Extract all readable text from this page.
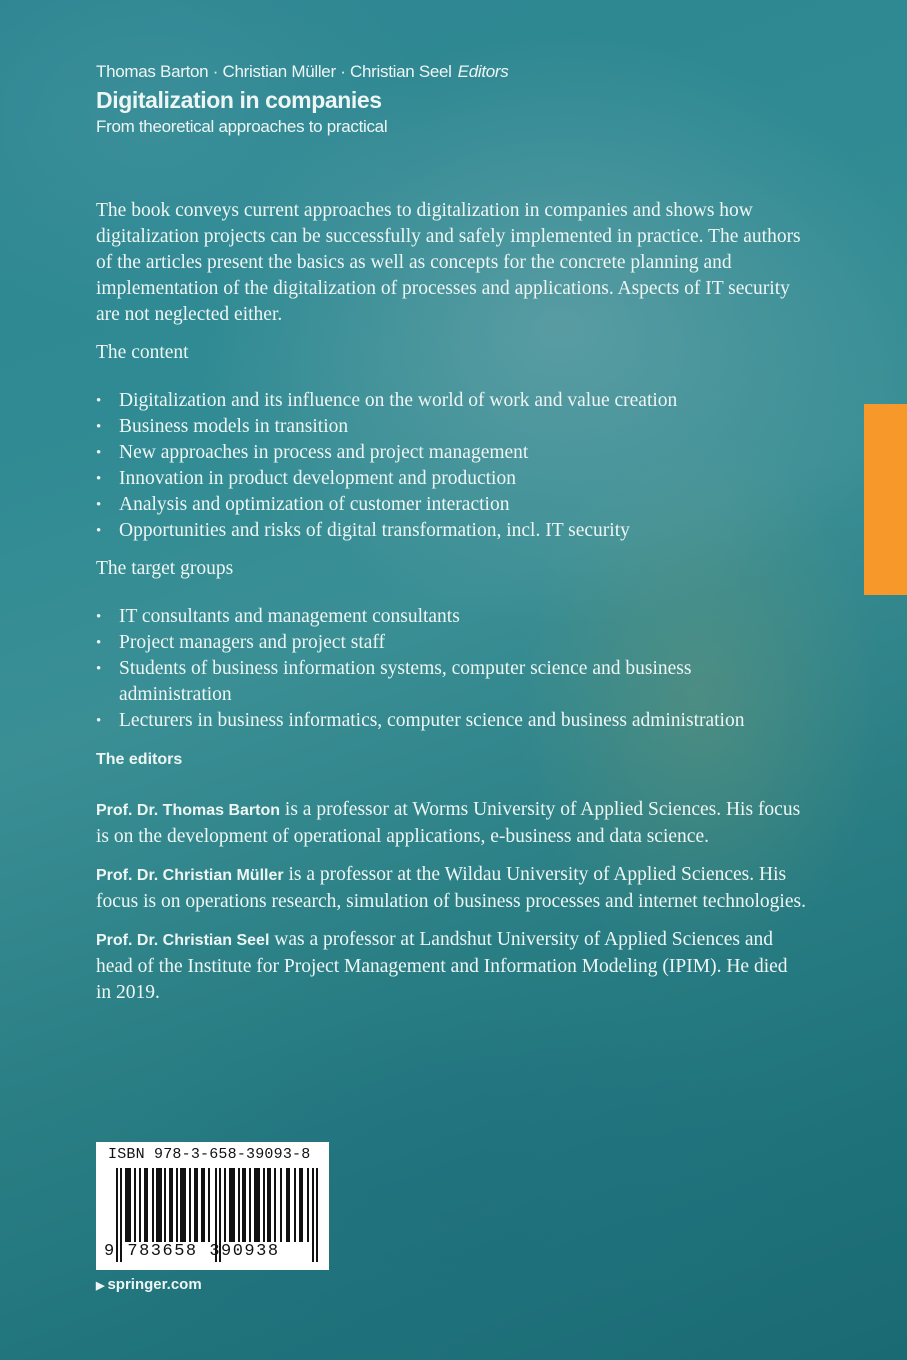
Thomas Barton · Christian Müller · Christian Seel Editors
Digitalization in companies
From theoretical approaches to practical

The book conveys current approaches to digitalization in companies and shows how digitalization projects can be successfully and safely implemented in practice. The authors of the articles present the basics as well as concepts for the concrete planning and implementation of the digitalization of processes and applications. Aspects of IT security are not neglected either.

The content

• Digitalization and its influence on the world of work and value creation
• Business models in transition
• New approaches in process and project management
• Innovation in product development and production
• Analysis and optimization of customer interaction
• Opportunities and risks of digital transformation, incl. IT security

The target groups

• IT consultants and management consultants
• Project managers and project staff
• Students of business information systems, computer science and business administration
• Lecturers in business informatics, computer science and business administration
The editors

Prof. Dr. Thomas Barton is a professor at Worms University of Applied Sciences. His focus is on the development of operational applications, e-business and data science.

Prof. Dr. Christian Müller is a professor at the Wildau University of Applied Sciences. His focus is on operations research, simulation of business processes and internet technologies.

Prof. Dr. Christian Seel was a professor at Landshut University of Applied Sciences and head of the Institute for Project Management and Information Modeling (IPIM). He died in 2019.

ISBN 978-3-658-39093-8
9 783658 390938
▶ springer.com
